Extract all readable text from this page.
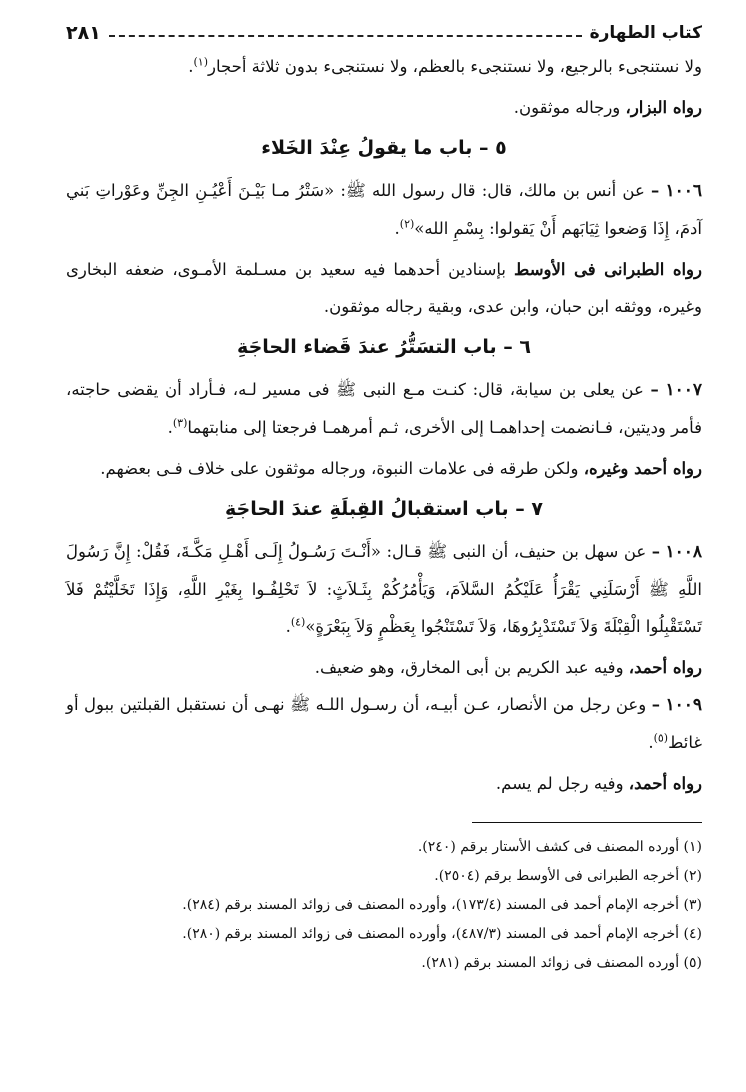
كتاب الطهارة
٢٨١

ولا نستنجىء بالرجيع، ولا نستنجىء بالعظم، ولا نستنجىء بدون ثلاثة أحجار$^{(١)}$.

رواه البزار، ورجاله موثقون.

٥ – باب ما يقولُ عِنْدَ الخَلاء

١٠٠٦ – عن أنس بن مالك، قال: قال رسول الله ﷺ: «سَتْرُ مـا بَيْـنَ أَعْيُـنِ الجِنِّ وعَوْراتِ بَني آدمَ، إِذَا وَضعوا ثِيَابَهم أَنْ يَقولوا: بِسْمِ الله»$^{(٢)}$.

رواه الطبرانى فى الأوسط بإسنادين أحدهما فيه سعيد بن مسـلمة الأمـوى، ضعفه البخارى وغيره، ووثقه ابن حبان، وابن عدى، وبقية رجاله موثقون.

٦ – باب التسَتُّرُ عندَ قَضاء الحاجَةِ

١٠٠٧ – عن يعلى بن سيابة، قال: كنـت مـع النبى ﷺ فى مسير لـه، فـأراد أن يقضى حاجته، فأمر وديتين، فـانضمت إحداهمـا إلى الأخرى، ثـم أمرهمـا فرجعتا إلى منابتهما$^{(٣)}$.

رواه أحمد وغيره، ولكن طرقه فى علامات النبوة، ورجاله موثقون على خلاف فـى بعضهم.

٧ – باب استقبالُ القِبلَةِ عندَ الحاجَةِ

١٠٠٨ – عن سهل بن حنيف، أن النبى ﷺ قـال: «أَنْـتَ رَسُـولُ إِلَـى أَهْـلِ مَكَّـةَ، فَقُلْ: إِنَّ رَسُولَ اللَّهِ ﷺ أَرْسَلَنِي يَقْرَأُ عَلَيْكُمُ السَّلاَمَ، وَيَأْمُرُكُمْ بِثَـلاَثٍ: لاَ تَحْلِفُـوا بِغَيْرِ اللَّهِ، وَإِذَا تَخَلَّيْتُمْ فَلاَ تَسْتَقْبِلُوا الْقِبْلَةَ وَلاَ تَسْتَدْبِرُوهَا، وَلاَ تَسْتَنْجُوا بِعَظْمٍ وَلاَ بِبَعْرَةٍ»$^{(٤)}$.

رواه أحمد، وفيه عبد الكريم بن أبى المخارق، وهو ضعيف.

١٠٠٩ – وعن رجل من الأنصار، عـن أبيـه، أن رسـول اللـه ﷺ نهـى أن نستقبل القبلتين ببول أو غائط$^{(٥)}$.

رواه أحمد، وفيه رجل لم يسم.

(١) أورده المصنف فى كشف الأستار برقم (٢٤٠).
(٢) أخرجه الطبرانى فى الأوسط برقم (٢٥٠٤).
(٣) أخرجه الإمام أحمد فى المسند (١٧٣/٤)، وأورده المصنف فى زوائد المسند برقم (٢٨٤).
(٤) أخرجه الإمام أحمد فى المسند (٤٨٧/٣)، وأورده المصنف فى زوائد المسند برقم (٢٨٠).
(٥) أورده المصنف فى زوائد المسند برقم (٢٨١).
